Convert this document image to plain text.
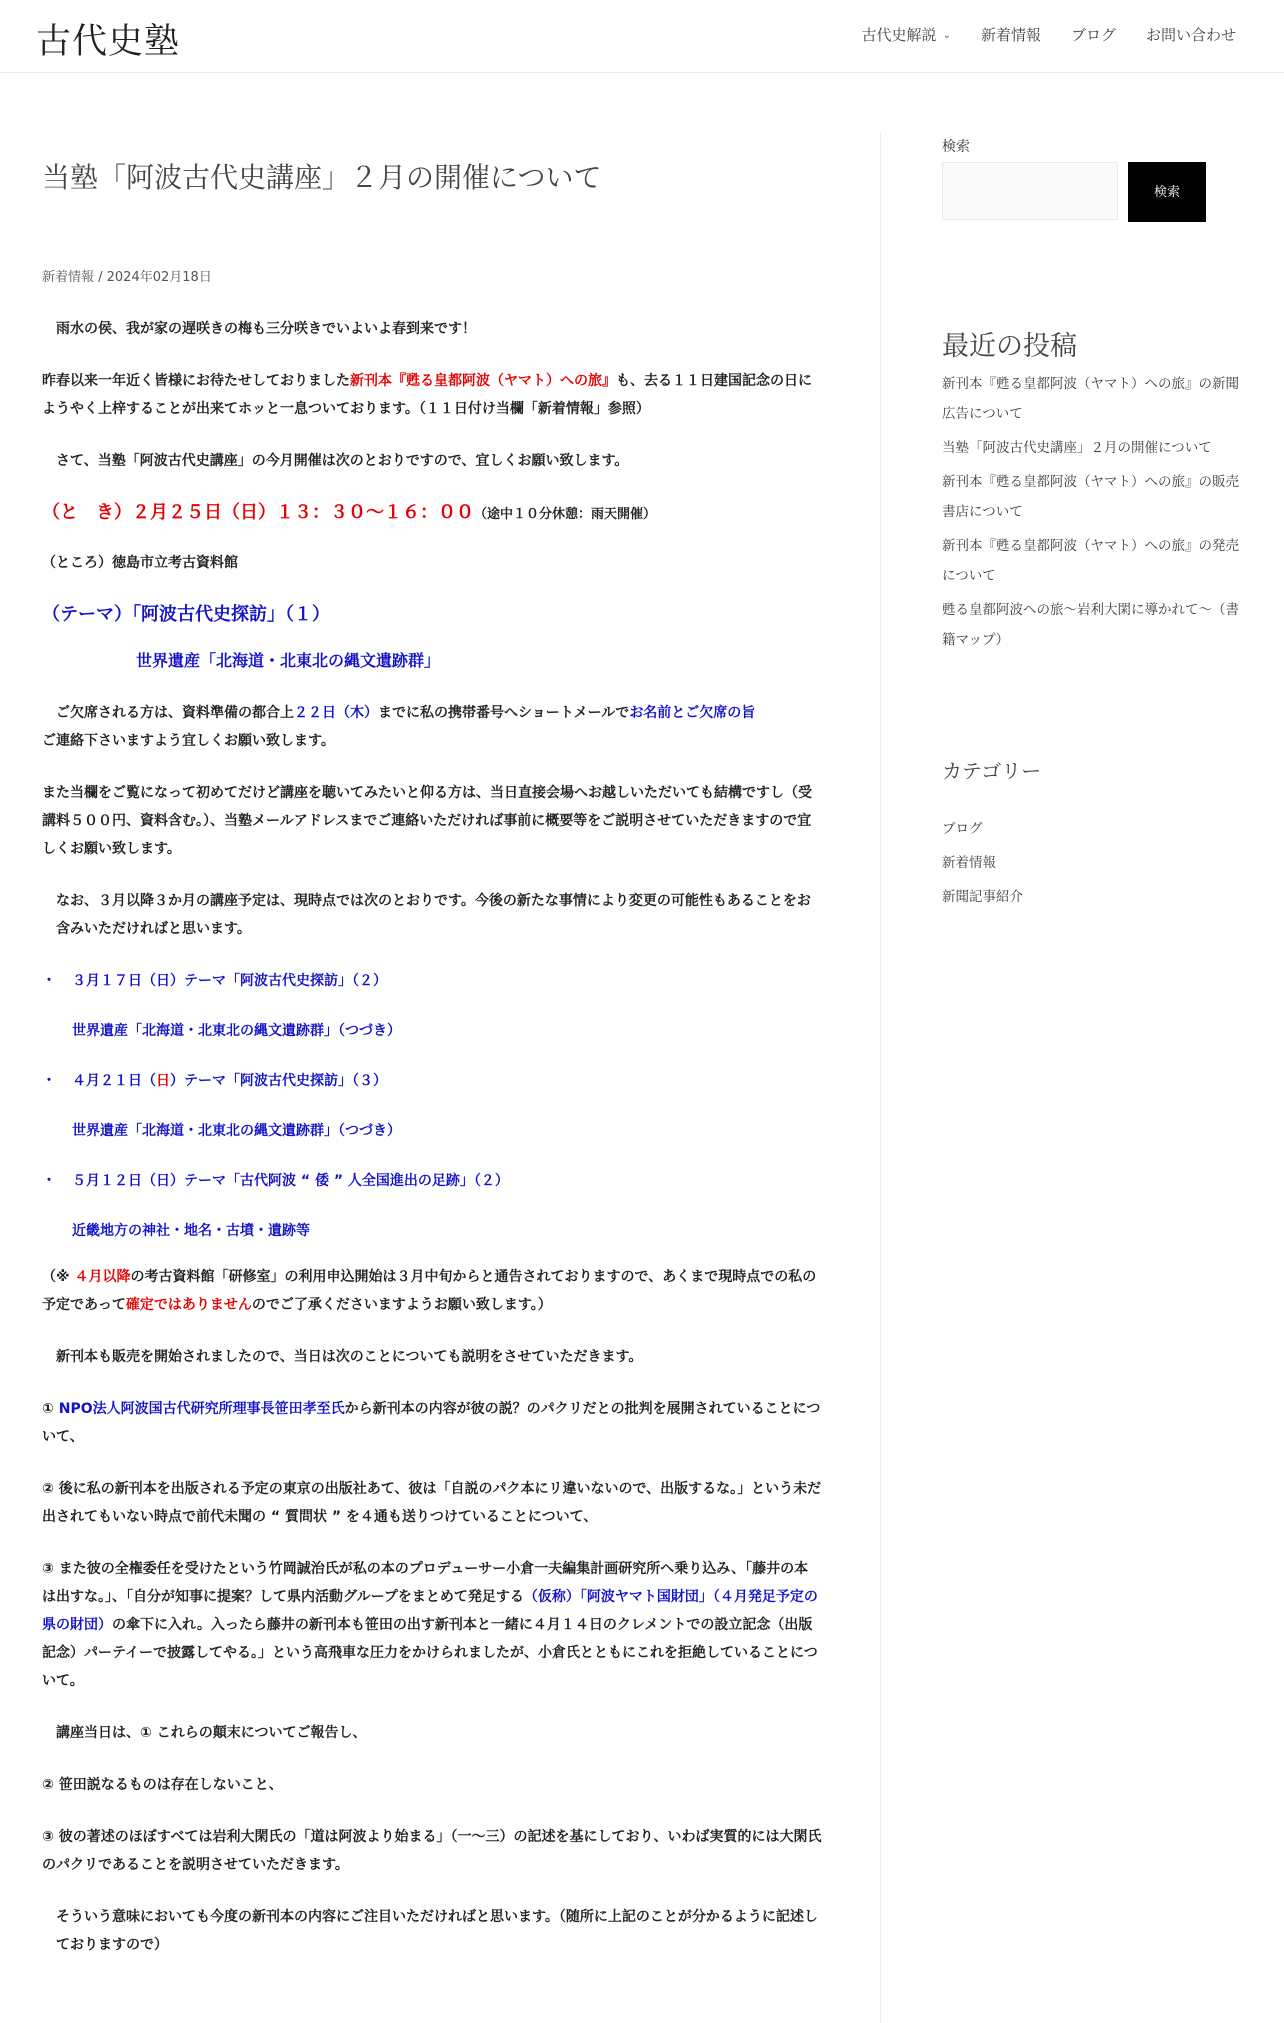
古代史塾	古代史解説 ⌄ 新着情報 ブログ お問い合わせ
当塾「阿波古代史講座」２月の開催について
新着情報 / 2024年02月18日

雨水の侯、我が家の遅咲きの梅も三分咲きでいよいよ春到来です！

昨春以来一年近く皆様にお待たせしておりました新刊本『甦る皇都阿波（ヤマト）への旅』も、去る１１日建国記念の日にようやく上梓することが出来てホッと一息ついております。（１１日付け当欄「新着情報」参照）

さて、当塾「阿波古代史講座」の今月開催は次のとおりですので、宜しくお願い致します。

（と　き）２月２５日（日）１３：３０〜１６：００（途中１０分休憩：雨天開催）

（ところ）徳島市立考古資料館

（テーマ）「阿波古代史探訪」（１）

世界遺産「北海道・北東北の縄文遺跡群」

ご欠席される方は、資料準備の都合上２２日（木）までに私の携帯番号へショートメールでお名前とご欠席の旨
ご連絡下さいますよう宜しくお願い致します。

また当欄をご覧になって初めてだけど講座を聴いてみたいと仰る方は、当日直接会場へお越しいただいても結構ですし（受講料５００円、資料含む。）、当塾メールアドレスまでご連絡いただければ事前に概要等をご説明させていただきますので宜しくお願い致します。

なお、３月以降３か月の講座予定は、現時点では次のとおりです。今後の新たな事情により変更の可能性もあることをお含みいただければと思います。

・ ３月１７日（日）テーマ「阿波古代史探訪」（２）

世界遺産「北海道・北東北の縄文遺跡群」（つづき）

・ ４月２１日（日）テーマ「阿波古代史探訪」（３）

世界遺産「北海道・北東北の縄文遺跡群」（つづき）

・ ５月１２日（日）テーマ「古代阿波 “ 倭 ” 人全国進出の足跡」（２）

近畿地方の神社・地名・古墳・遺跡等

（※ ４月以降の考古資料館「研修室」の利用申込開始は３月中旬からと通告されておりますので、あくまで現時点での私の予定であって確定ではありませんのでご了承くださいますようお願い致します。）

新刊本も販売を開始されましたので、当日は次のことについても説明をさせていただきます。

① NPO法人阿波国古代研究所理事長笹田孝至氏から新刊本の内容が彼の説？のパクリだとの批判を展開されていることについて、

② 後に私の新刊本を出版される予定の東京の出版社あて、彼は「自説のパク本にリ違いないので、出版するな。」という未だ出されてもいない時点で前代未聞の “ 質問状 ” を４通も送りつけていることについて、

③ また彼の全権委任を受けたという竹岡誠治氏が私の本のプロデューサー小倉一夫編集計画研究所へ乗り込み、「藤井の本は出すな。」、「自分が知事に提案？して県内活動グループをまとめて発足する（仮称）「阿波ヤマト国財団」（４月発足予定の県の財団）の傘下に入れ。入ったら藤井の新刊本も笹田の出す新刊本と一緒に４月１４日のクレメントでの設立記念（出版記念）パーテイーで披露してやる。」という高飛車な圧力をかけられましたが、小倉氏とともにこれを拒絶していることについて。

講座当日は、① これらの顛末についてご報告し、

② 笹田説なるものは存在しないこと、

③ 彼の著述のほぼすべては岩利大閑氏の「道は阿波より始まる」（一〜三）の記述を基にしており、いわば実質的には大閑氏のパクリであることを説明させていただきます。

そういう意味においても今度の新刊本の内容にご注目いただければと思います。（随所に上記のことが分かるように記述しておりますので）

検索
検索
最近の投稿
新刊本『甦る皇都阿波（ヤマト）への旅』の新聞広告について
当塾「阿波古代史講座」２月の開催について
新刊本『甦る皇都阿波（ヤマト）への旅』の販売書店について
新刊本『甦る皇都阿波（ヤマト）への旅』の発売について
甦る皇都阿波への旅〜岩利大閑に導かれて〜（書籍マップ）
カテゴリー
ブログ
新着情報
新聞記事紹介
